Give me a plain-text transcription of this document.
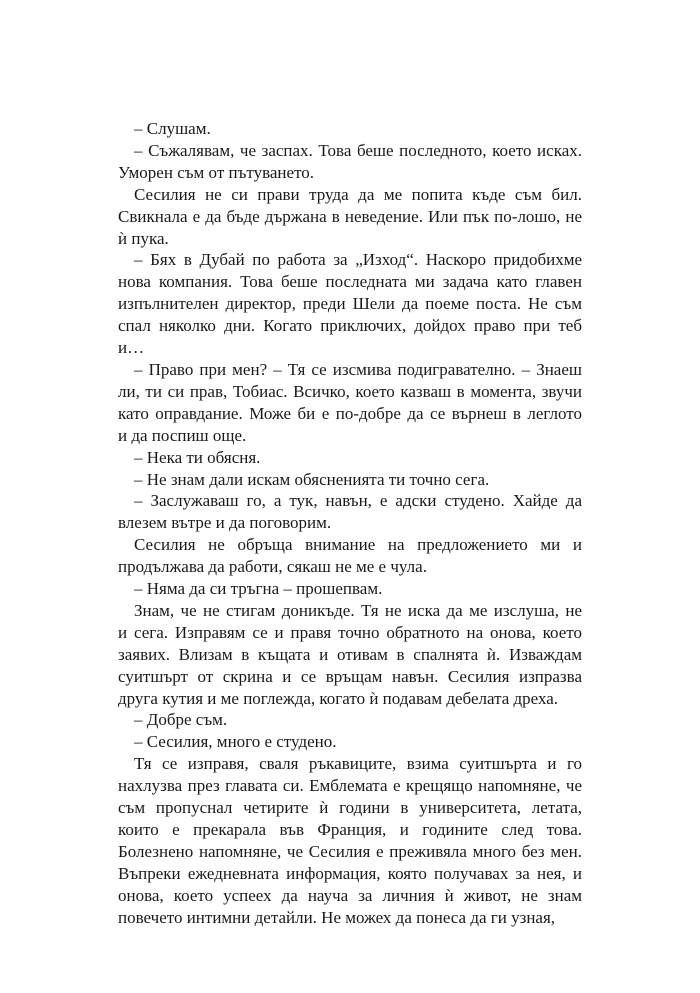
– Слушам.

– Съжалявам, че заспах. Това беше последното, което исках.
Уморен съм от пътуването.

Сесилия не си прави труда да ме попита къде съм бил.
Свикнала е да бъде държана в неведение. Или пък по-лошо, не
ѝ пука.

– Бях в Дубай по работа за „Изход“. Наскоро придобихме
нова компания. Това беше последната ми задача като главен
изпълнителен директор, преди Шели да поеме поста. Не съм
спал няколко дни. Когато приключих, дойдох право при теб
и…

– Право при мен? – Тя се изсмива подигравателно. – Знаеш
ли, ти си прав, Тобиас. Всичко, което казваш в момента, звучи
като оправдание. Може би е по-добре да се върнеш в леглото
и да поспиш още.

– Нека ти обясня.

– Не знам дали искам обясненията ти точно сега.

– Заслужаваш го, а тук, навън, е адски студено. Хайде да
влезем вътре и да поговорим.

Сесилия не обръща внимание на предложението ми и
продължава да работи, сякаш не ме е чула.

– Няма да си тръгна – прошепвам.

Знам, че не стигам доникъде. Тя не иска да ме изслуша, не
и сега. Изправям се и правя точно обратното на онова, което
заявих. Влизам в къщата и отивам в спалнята ѝ. Изваждам
суитшърт от скрина и се връщам навън. Сесилия изпразва
друга кутия и ме поглежда, когато ѝ подавам дебелата дреха.

– Добре съм.

– Сесилия, много е студено.

Тя се изправя, сваля ръкавиците, взима суитшърта и го
нахлузва през главата си. Емблемата е крещящо напомняне, че
съм пропуснал четирите ѝ години в университета, летата,
които е прекарала във Франция, и годините след това.
Болезнено напомняне, че Сесилия е преживяла много без мен.
Въпреки ежедневната информация, която получавах за нея, и
онова, което успеех да науча за личния ѝ живот, не знам
повечето интимни детайли. Не можех да понеса да ги узная,
